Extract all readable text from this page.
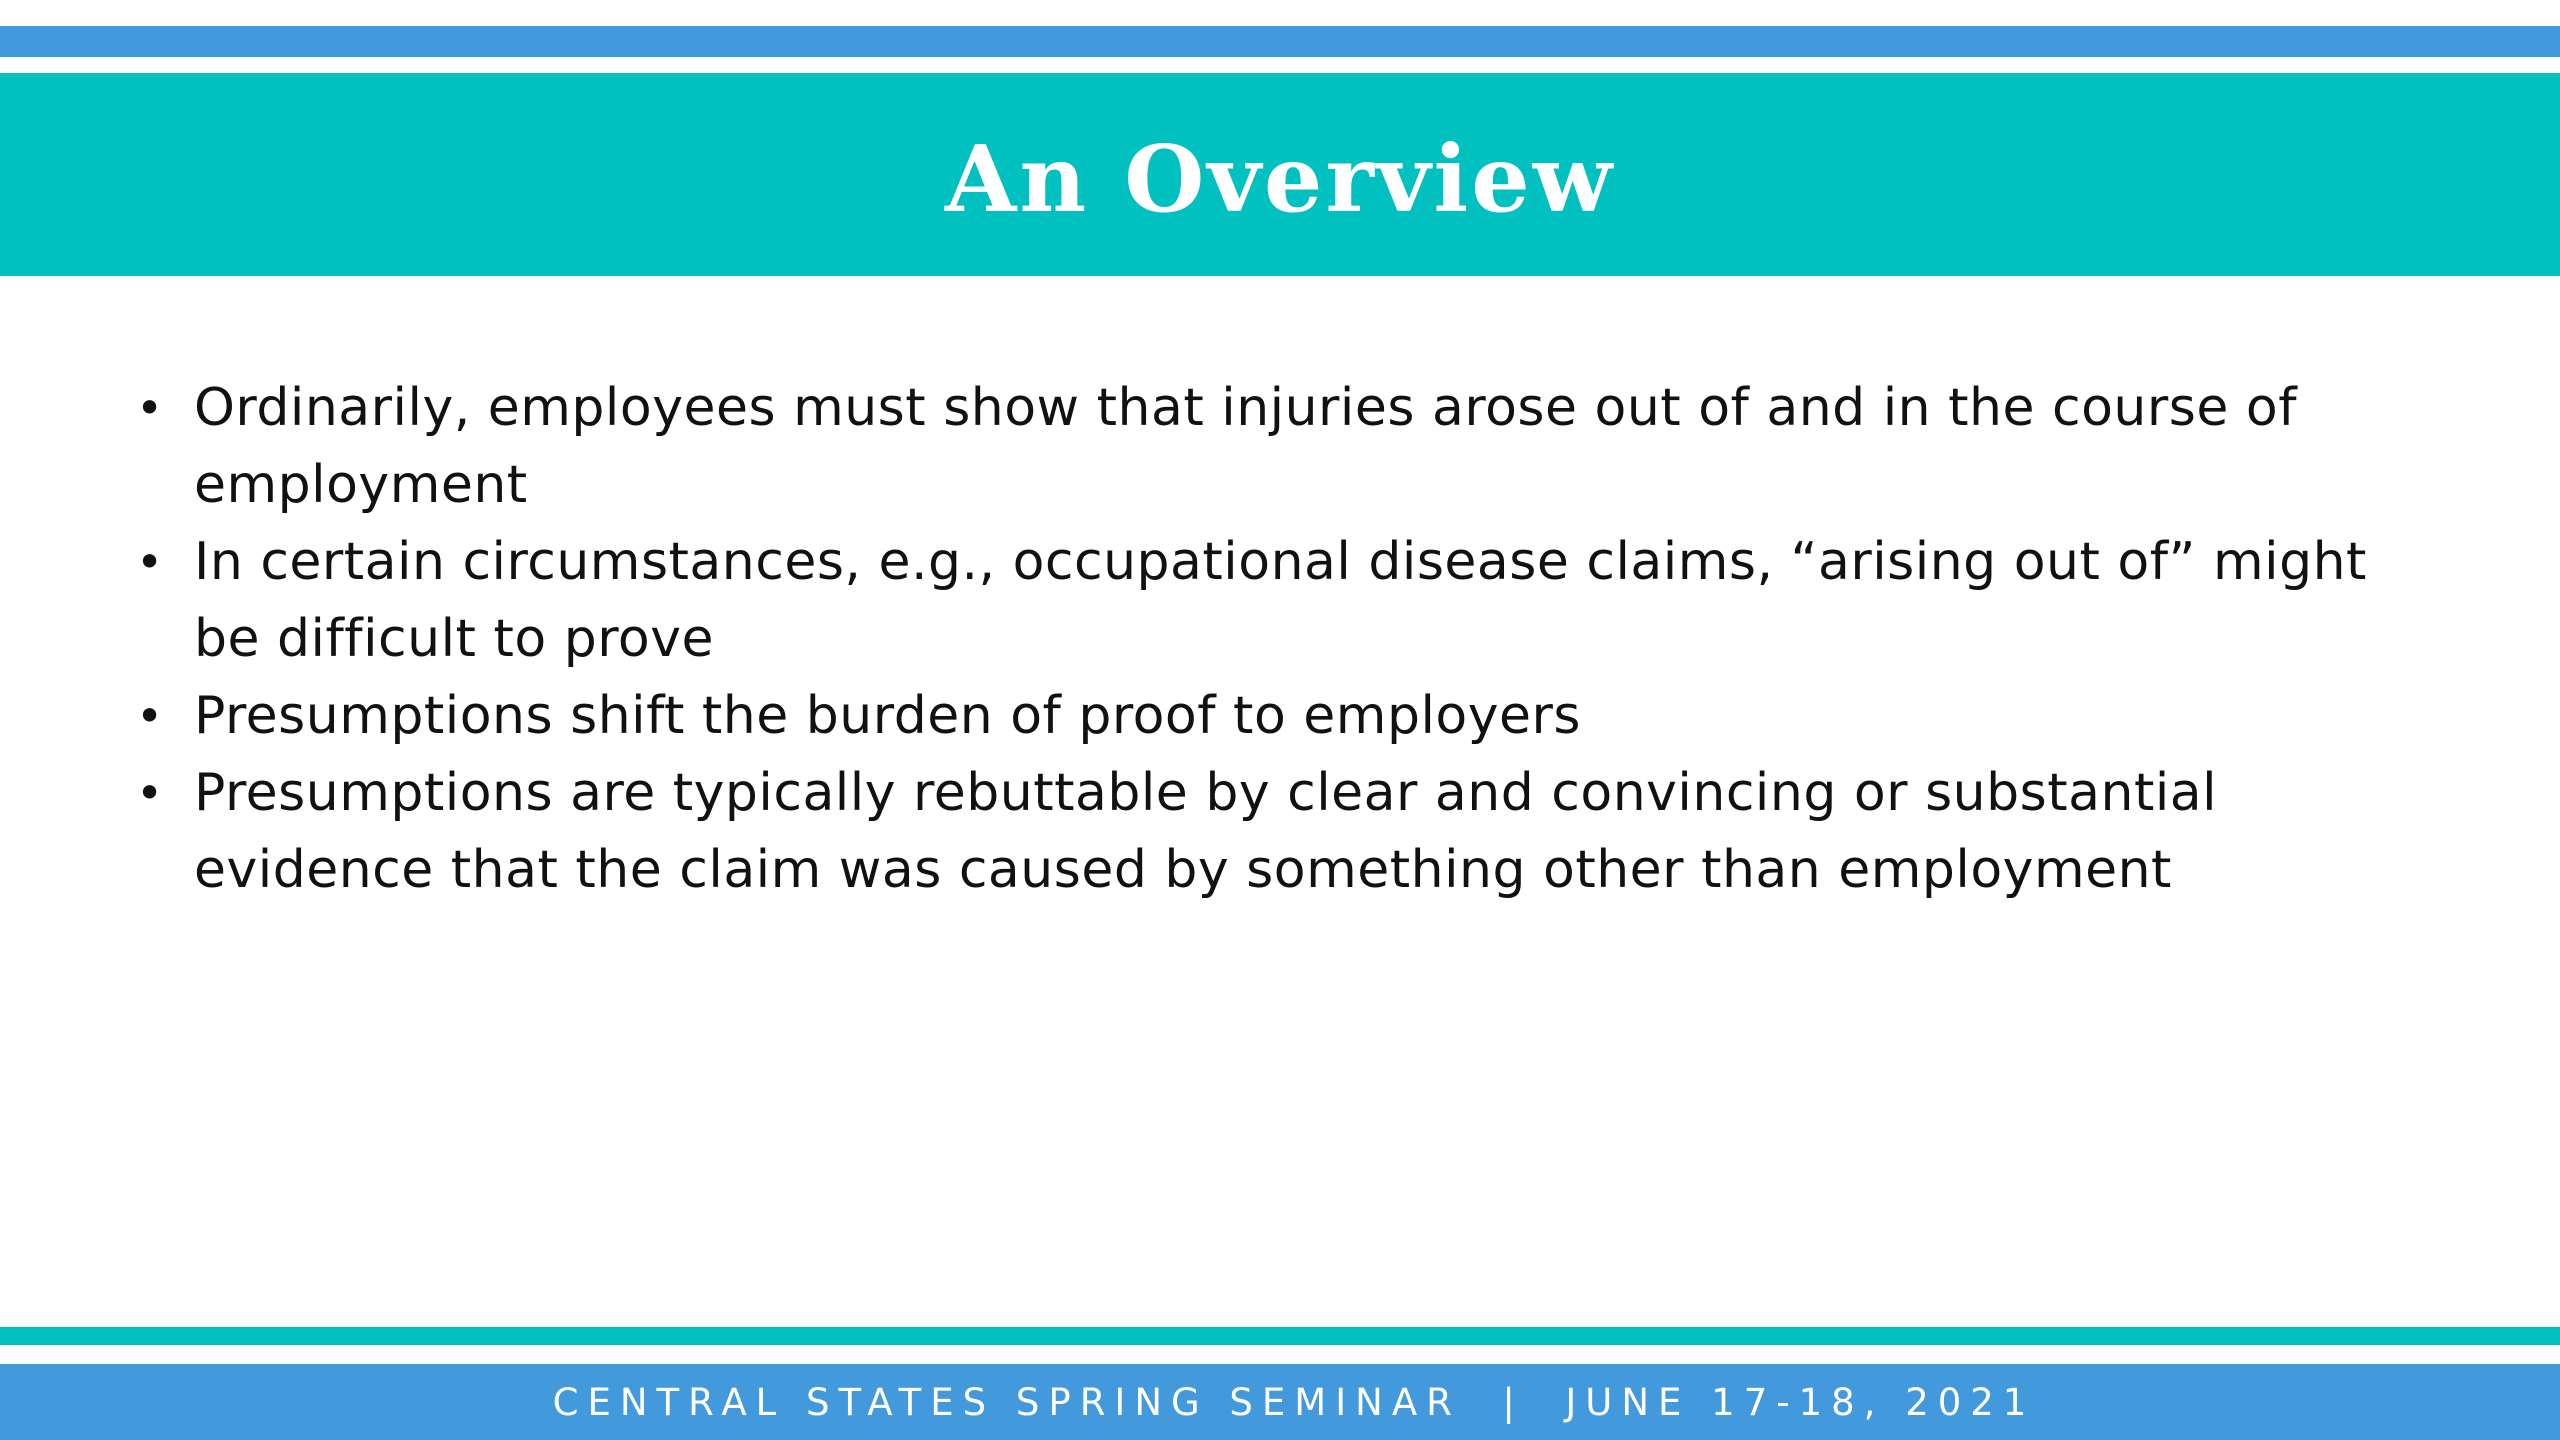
An Overview
• Ordinarily, employees must show that injuries arose out of and in the course of employment
• In certain circumstances, e.g., occupational disease claims, “arising out of” might be difficult to prove
• Presumptions shift the burden of proof to employers
• Presumptions are typically rebuttable by clear and convincing or substantial evidence that the claim was caused by something other than employment
CENTRAL STATES SPRING SEMINAR  |  JUNE 17-18, 2021
